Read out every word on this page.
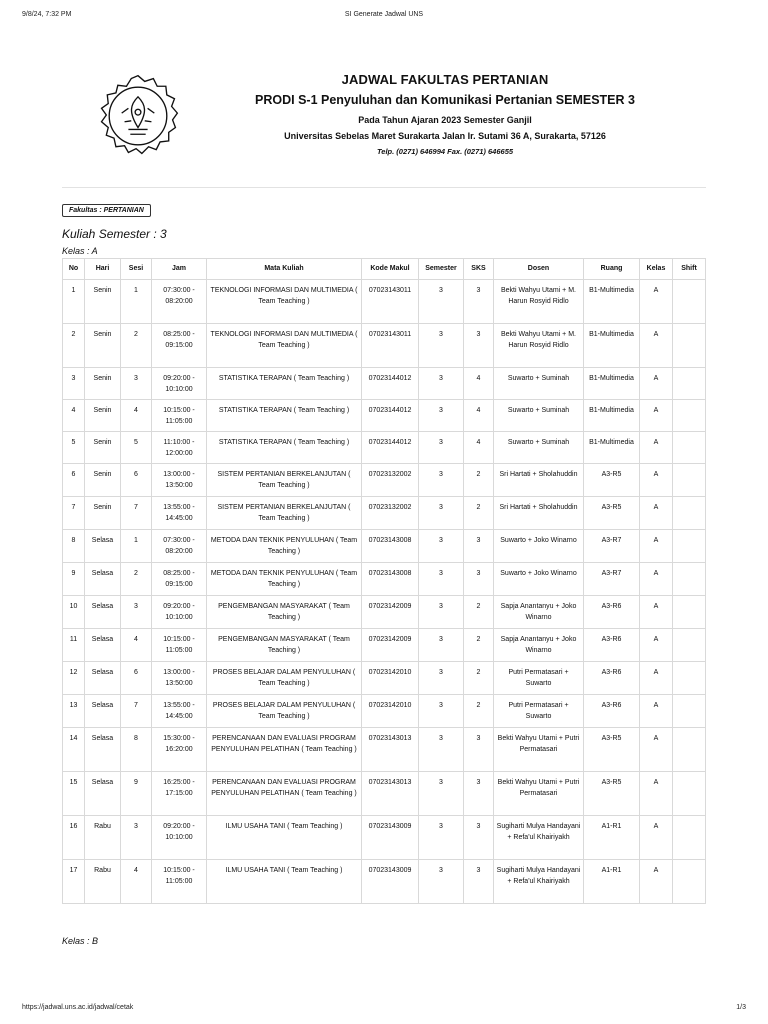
9/8/24, 7:32 PM	SI Generate Jadwal UNS
JADWAL FAKULTAS PERTANIAN
PRODI S-1 Penyuluhan dan Komunikasi Pertanian SEMESTER 3
Pada Tahun Ajaran 2023 Semester Ganjil
Universitas Sebelas Maret Surakarta Jalan Ir. Sutami 36 A, Surakarta, 57126
Telp. (0271) 646994 Fax. (0271) 646655
Fakultas : PERTANIAN
Kuliah Semester : 3
Kelas : A
No	Hari	Sesi	Jam	Mata Kuliah	Kode Makul	Semester	SKS	Dosen	Ruang	Kelas	Shift
1	Senin	1	07:30:00 - 08:20:00	TEKNOLOGI INFORMASI DAN MULTIMEDIA ( Team Teaching )	07023143011	3	3	Bekti Wahyu Utami + M. Harun Rosyid Ridlo	B1-Multimedia	A	
2	Senin	2	08:25:00 - 09:15:00	TEKNOLOGI INFORMASI DAN MULTIMEDIA ( Team Teaching )	07023143011	3	3	Bekti Wahyu Utami + M. Harun Rosyid Ridlo	B1-Multimedia	A	
3	Senin	3	09:20:00 - 10:10:00	STATISTIKA TERAPAN ( Team Teaching )	07023144012	3	4	Suwarto + Suminah	B1-Multimedia	A	
4	Senin	4	10:15:00 - 11:05:00	STATISTIKA TERAPAN ( Team Teaching )	07023144012	3	4	Suwarto + Suminah	B1-Multimedia	A	
5	Senin	5	11:10:00 - 12:00:00	STATISTIKA TERAPAN ( Team Teaching )	07023144012	3	4	Suwarto + Suminah	B1-Multimedia	A	
6	Senin	6	13:00:00 - 13:50:00	SISTEM PERTANIAN BERKELANJUTAN ( Team Teaching )	07023132002	3	2	Sri Hartati + Sholahuddin	A3-R5	A	
7	Senin	7	13:55:00 - 14:45:00	SISTEM PERTANIAN BERKELANJUTAN ( Team Teaching )	07023132002	3	2	Sri Hartati + Sholahuddin	A3-R5	A	
8	Selasa	1	07:30:00 - 08:20:00	METODA DAN TEKNIK PENYULUHAN ( Team Teaching )	07023143008	3	3	Suwarto + Joko Winarno	A3-R7	A	
9	Selasa	2	08:25:00 - 09:15:00	METODA DAN TEKNIK PENYULUHAN ( Team Teaching )	07023143008	3	3	Suwarto + Joko Winarno	A3-R7	A	
10	Selasa	3	09:20:00 - 10:10:00	PENGEMBANGAN MASYARAKAT ( Team Teaching )	07023142009	3	2	Sapja Anantanyu + Joko Winarno	A3-R6	A	
11	Selasa	4	10:15:00 - 11:05:00	PENGEMBANGAN MASYARAKAT ( Team Teaching )	07023142009	3	2	Sapja Anantanyu + Joko Winarno	A3-R6	A	
12	Selasa	6	13:00:00 - 13:50:00	PROSES BELAJAR DALAM PENYULUHAN ( Team Teaching )	07023142010	3	2	Putri Permatasari + Suwarto	A3-R6	A	
13	Selasa	7	13:55:00 - 14:45:00	PROSES BELAJAR DALAM PENYULUHAN ( Team Teaching )	07023142010	3	2	Putri Permatasari + Suwarto	A3-R6	A	
14	Selasa	8	15:30:00 - 16:20:00	PERENCANAAN DAN EVALUASI PROGRAM PENYULUHAN PELATIHAN ( Team Teaching )	07023143013	3	3	Bekti Wahyu Utami + Putri Permatasari	A3-R5	A	
15	Selasa	9	16:25:00 - 17:15:00	PERENCANAAN DAN EVALUASI PROGRAM PENYULUHAN PELATIHAN ( Team Teaching )	07023143013	3	3	Bekti Wahyu Utami + Putri Permatasari	A3-R5	A	
16	Rabu	3	09:20:00 - 10:10:00	ILMU USAHA TANI ( Team Teaching )	07023143009	3	3	Sugiharti Mulya Handayani + Refa'ul Khairiyakh	A1-R1	A	
17	Rabu	4	10:15:00 - 11:05:00	ILMU USAHA TANI ( Team Teaching )	07023143009	3	3	Sugiharti Mulya Handayani + Refa'ul Khairiyakh	A1-R1	A	
Kelas : B
https://jadwal.uns.ac.id/jadwal/cetak	1/3
